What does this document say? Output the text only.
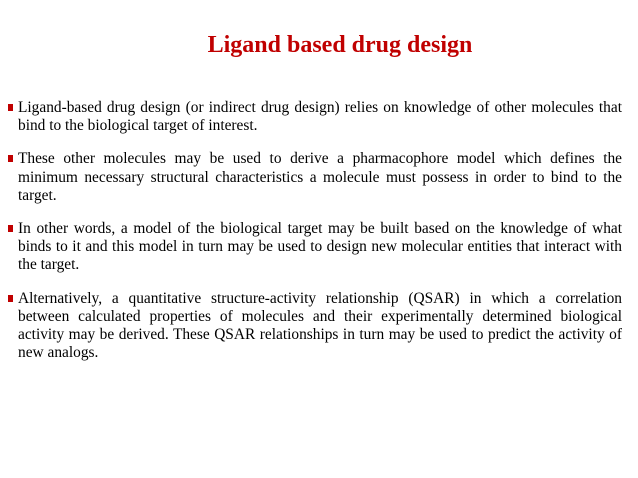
Ligand based drug design
Ligand-based drug design (or indirect drug design) relies on knowledge of other molecules that bind to the biological target of interest.
These other molecules may be used to derive a pharmacophore model which defines the minimum necessary structural characteristics a molecule must possess in order to bind to the target.
In other words, a model of the biological target may be built based on the knowledge of what binds to it and this model in turn may be used to design new molecular entities that interact with the target.
Alternatively, a quantitative structure-activity relationship (QSAR) in which a correlation between calculated properties of molecules and their experimentally determined biological activity may be derived. These QSAR relationships in turn may be used to predict the activity of new analogs.
